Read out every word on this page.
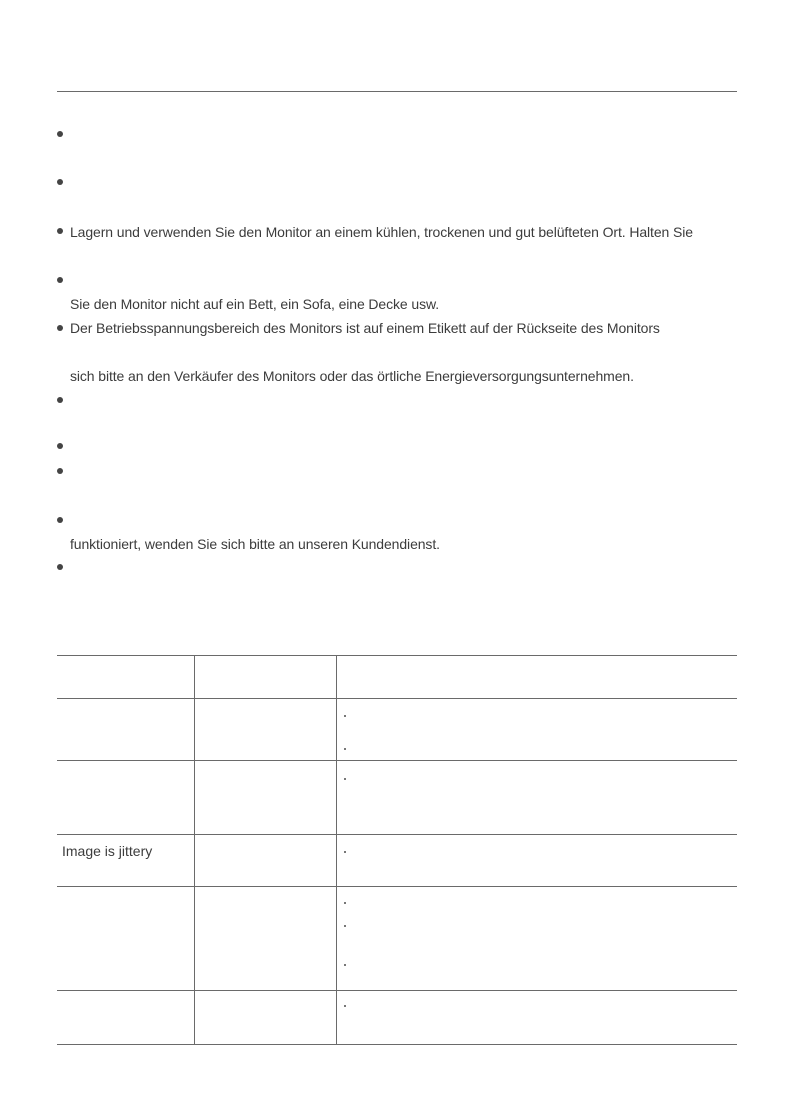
Lagern und verwenden Sie den Monitor an einem kühlen, trockenen und gut belüfteten Ort. Halten Sie
Sie den Monitor nicht auf ein Bett, ein Sofa, eine Decke usw.
Der Betriebsspannungsbereich des Monitors ist auf einem Etikett auf der Rückseite des Monitors
sich bitte an den Verkäufer des Monitors oder das örtliche Energieversorgungsunternehmen.
funktioniert, wenden Sie sich bitte an unseren Kundendienst.

Image is jittery		
